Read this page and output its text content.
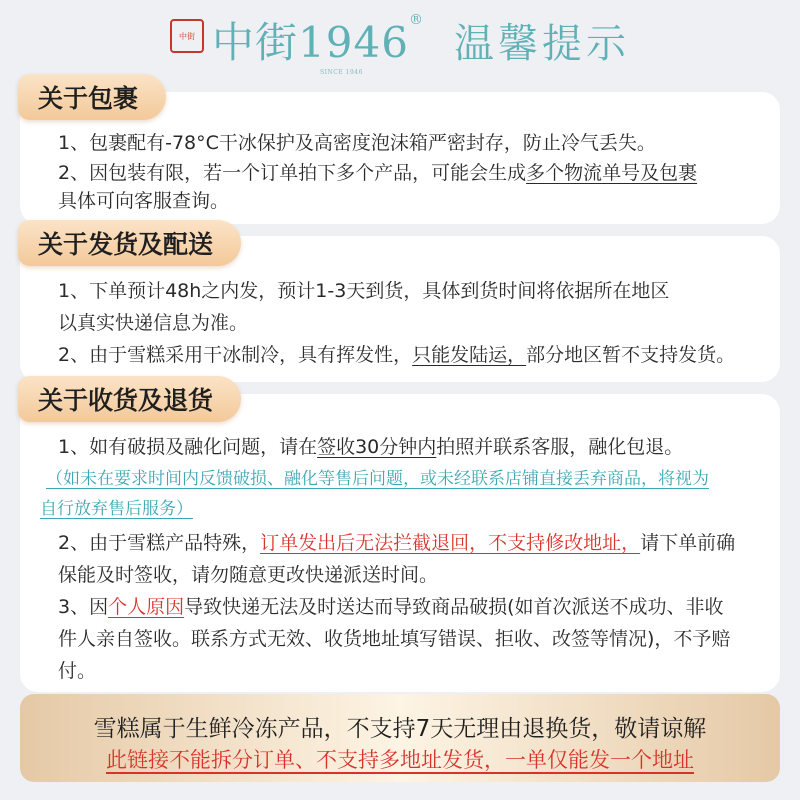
中街 中街1946®
SINCE 1946
温馨提示
1、包裹配有-78°C干冰保护及高密度泡沫箱严密封存，防止冷气丢失。
2、因包装有限，若一个订单拍下多个产品，可能会生成多个物流单号及包裹
具体可向客服查询。
关于包裹
1、下单预计48h之内发，预计1-3天到货，具体到货时间将依据所在地区
以真实快递信息为准。
2、由于雪糕采用干冰制冷，具有挥发性，只能发陆运，部分地区暂不支持发货。
关于发货及配送
1、如有破损及融化问题，请在签收30分钟内拍照并联系客服，融化包退。
（如未在要求时间内反馈破损、融化等售后问题，或未经联系店铺直接丢弃商品，将视为
自行放弃售后服务）
2、由于雪糕产品特殊，订单发出后无法拦截退回，不支持修改地址，请下单前确
保能及时签收，请勿随意更改快递派送时间。
3、因个人原因导致快递无法及时送达而导致商品破损(如首次派送不成功、非收
件人亲自签收。联系方式无效、收货地址填写错误、拒收、改签等情况)，不予赔
付。
关于收货及退货
雪糕属于生鲜冷冻产品，不支持7天无理由退换货，敬请谅解
此链接不能拆分订单、不支持多地址发货，一单仅能发一个地址
